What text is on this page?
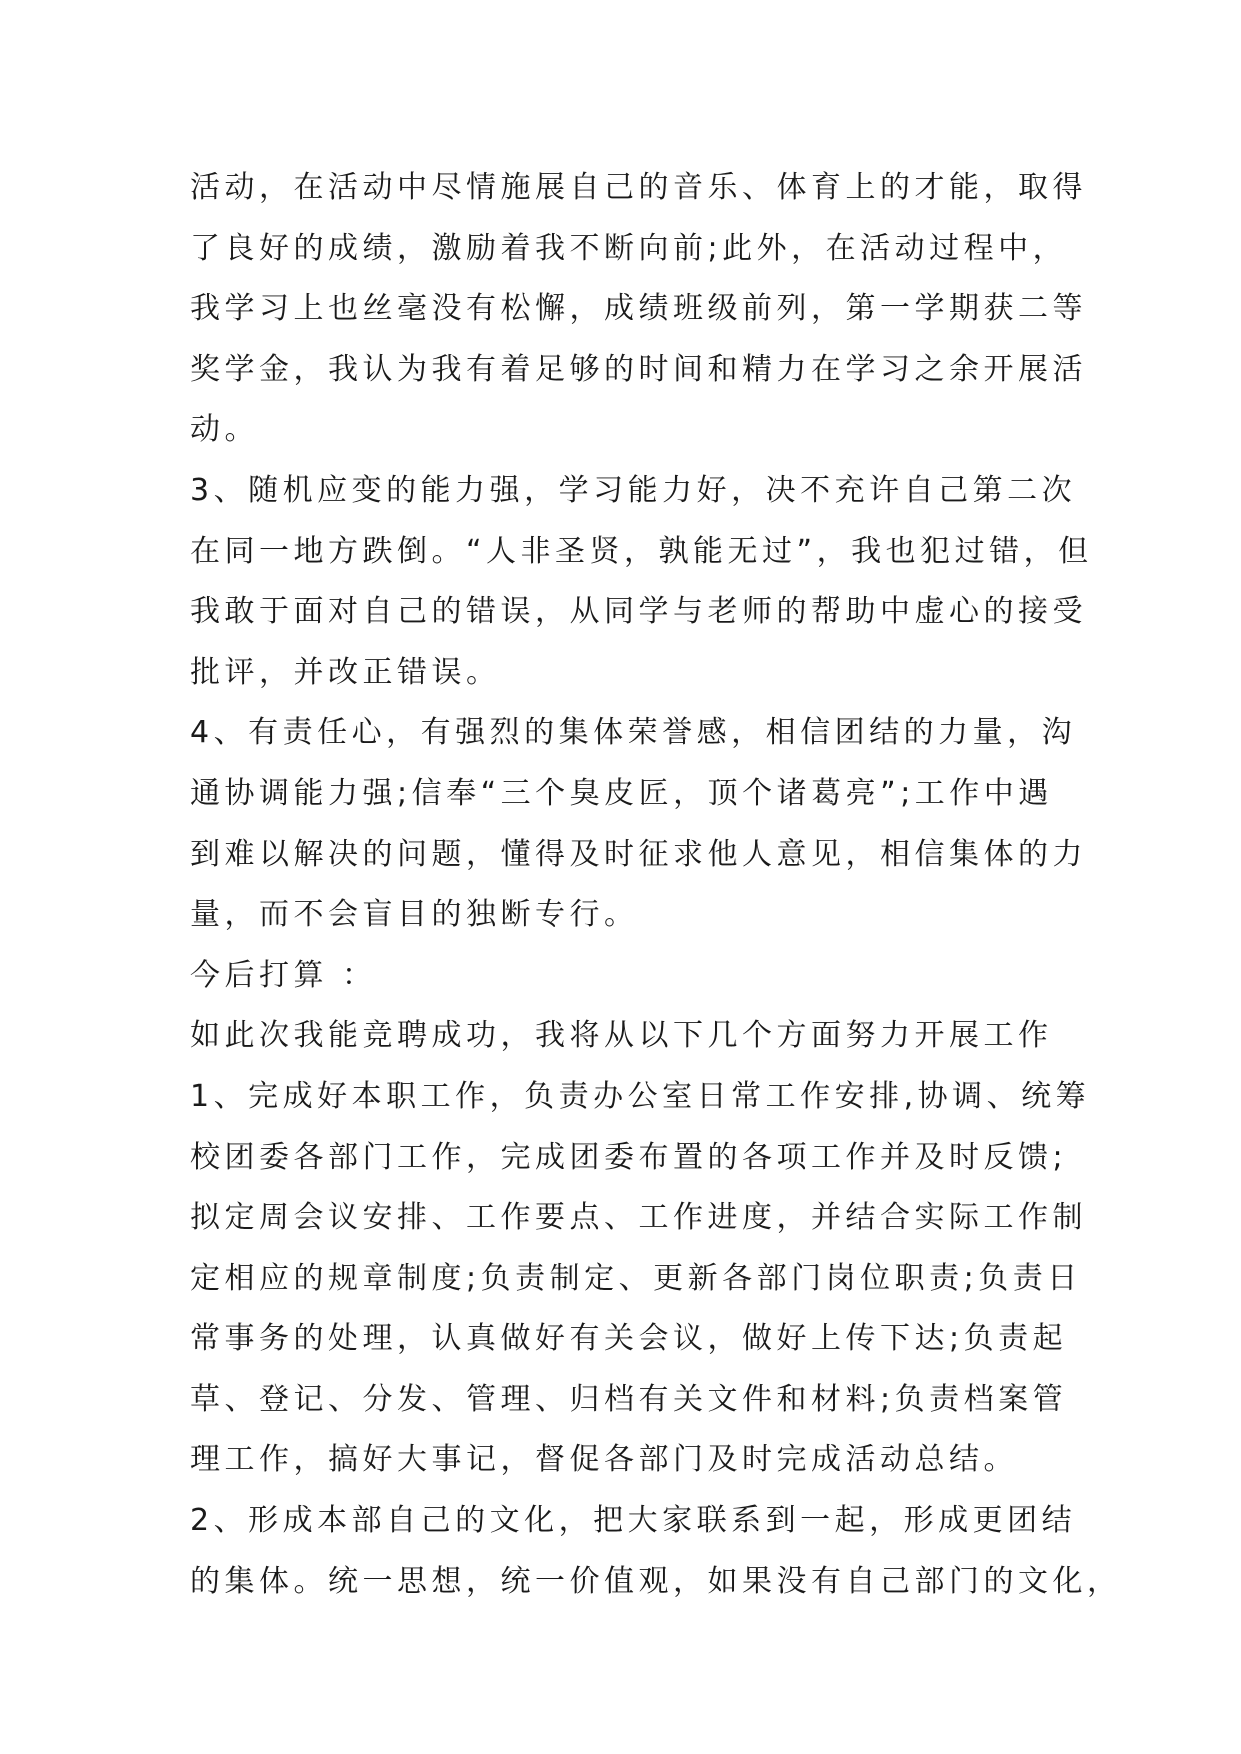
活动，在活动中尽情施展自己的音乐、体育上的才能，取得
了良好的成绩，激励着我不断向前;此外，在活动过程中，
我学习上也丝毫没有松懈，成绩班级前列，第一学期获二等
奖学金，我认为我有着足够的时间和精力在学习之余开展活
动。
3、随机应变的能力强，学习能力好，决不充许自己第二次
在同一地方跌倒。“人非圣贤，孰能无过”，我也犯过错，但
我敢于面对自己的错误，从同学与老师的帮助中虚心的接受
批评，并改正错误。
4、有责任心，有强烈的集体荣誉感，相信团结的力量，沟
通协调能力强;信奉“三个臭皮匠，顶个诸葛亮”;工作中遇
到难以解决的问题，懂得及时征求他人意见，相信集体的力
量，而不会盲目的独断专行。
今后打算 ：
如此次我能竞聘成功，我将从以下几个方面努力开展工作
1、完成好本职工作，负责办公室日常工作安排,协调、统筹
校团委各部门工作，完成团委布置的各项工作并及时反馈;
拟定周会议安排、工作要点、工作进度，并结合实际工作制
定相应的规章制度;负责制定、更新各部门岗位职责;负责日
常事务的处理，认真做好有关会议，做好上传下达;负责起
草、登记、分发、管理、归档有关文件和材料;负责档案管
理工作，搞好大事记，督促各部门及时完成活动总结。
2、形成本部自己的文化，把大家联系到一起，形成更团结
的集体。统一思想，统一价值观，如果没有自己部门的文化，
